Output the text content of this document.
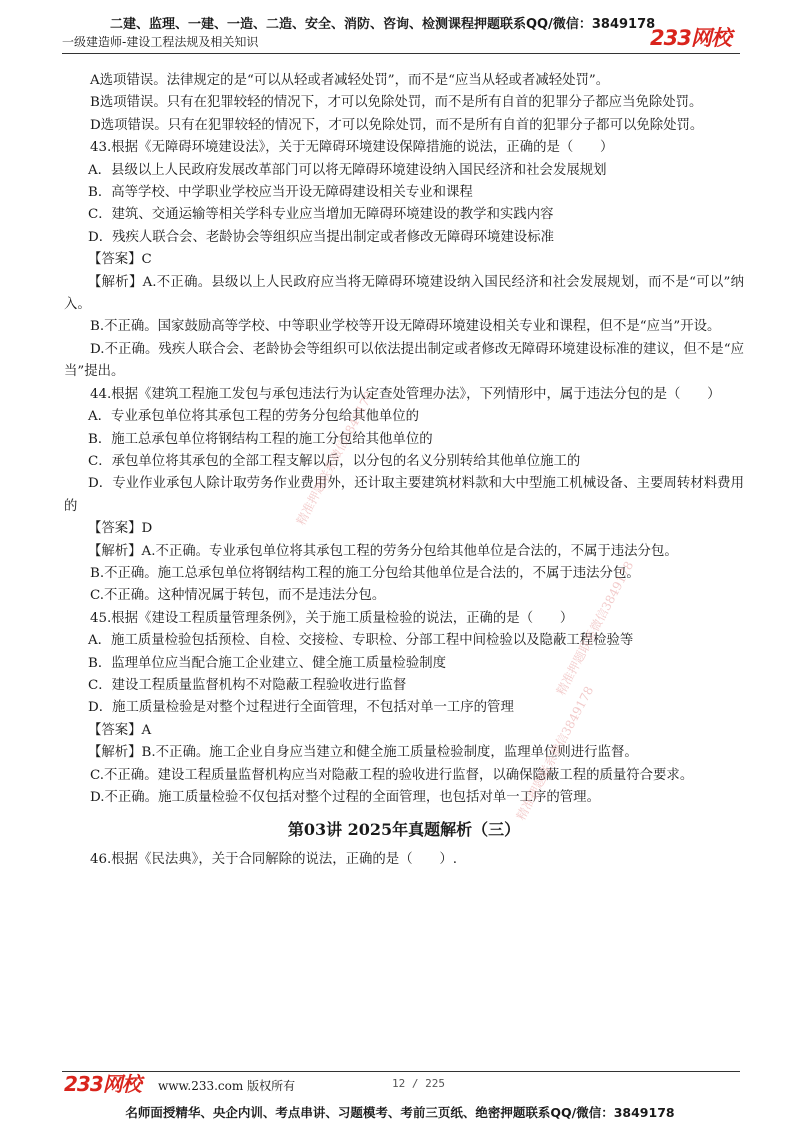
二建、监理、一建、一造、二造、安全、消防、咨询、检测课程押题联系QQ/微信：3849178
一级建造师-建设工程法规及相关知识	233网校

A选项错误。法律规定的是“可以从轻或者减轻处罚”，而不是“应当从轻或者减轻处罚”。

B选项错误。只有在犯罪较轻的情况下，才可以免除处罚，而不是所有自首的犯罪分子都应当免除处罚。

D选项错误。只有在犯罪较轻的情况下，才可以免除处罚，而不是所有自首的犯罪分子都可以免除处罚。

43.根据《无障碍环境建设法》，关于无障碍环境建设保障措施的说法，正确的是（　　）

A．县级以上人民政府发展改革部门可以将无障碍环境建设纳入国民经济和社会发展规划

B．高等学校、中学职业学校应当开设无障碍建设相关专业和课程

C．建筑、交通运输等相关学科专业应当增加无障碍环境建设的教学和实践内容

D．残疾人联合会、老龄协会等组织应当提出制定或者修改无障碍环境建设标准

【答案】C

【解析】A.不正确。县级以上人民政府应当将无障碍环境建设纳入国民经济和社会发展规划，而不是“可以”纳入。

B.不正确。国家鼓励高等学校、中等职业学校等开设无障碍环境建设相关专业和课程，但不是“应当”开设。

D.不正确。残疾人联合会、老龄协会等组织可以依法提出制定或者修改无障碍环境建设标准的建议，但不是“应当”提出。

44.根据《建筑工程施工发包与承包违法行为认定查处管理办法》，下列情形中，属于违法分包的是（　　）

A．专业承包单位将其承包工程的劳务分包给其他单位的

B．施工总承包单位将钢结构工程的施工分包给其他单位的

C．承包单位将其承包的全部工程支解以后，以分包的名义分别转给其他单位施工的

D．专业作业承包人除计取劳务作业费用外，还计取主要建筑材料款和大中型施工机械设备、主要周转材料费用的

【答案】D

【解析】A.不正确。专业承包单位将其承包工程的劳务分包给其他单位是合法的，不属于违法分包。

B.不正确。施工总承包单位将钢结构工程的施工分包给其他单位是合法的，不属于违法分包。

C.不正确。这种情况属于转包，而不是违法分包。

45.根据《建设工程质量管理条例》，关于施工质量检验的说法，正确的是（　　）

A．施工质量检验包括预检、自检、交接检、专职检、分部工程中间检验以及隐蔽工程检验等

B．监理单位应当配合施工企业建立、健全施工质量检验制度

C．建设工程质量监督机构不对隐蔽工程验收进行监督

D．施工质量检验是对整个过程进行全面管理，不包括对单一工序的管理

【答案】A

【解析】B.不正确。施工企业自身应当建立和健全施工质量检验制度，监理单位则进行监督。

C.不正确。建设工程质量监督机构应当对隐蔽工程的验收进行监督，以确保隐蔽工程的质量符合要求。

D.不正确。施工质量检验不仅包括对整个过程的全面管理，也包括对单一工序的管理。

第03讲 2025年真题解析（三）

46.根据《民法典》，关于合同解除的说法，正确的是（　　）.

精准押题联系微信3849178
精准押题联系微信3849178
精准押题联系微信3849178
233网校 www.233.com 版权所有	12 / 225
名师面授精华、央企内训、考点串讲、习题模考、考前三页纸、绝密押题联系QQ/微信：3849178
